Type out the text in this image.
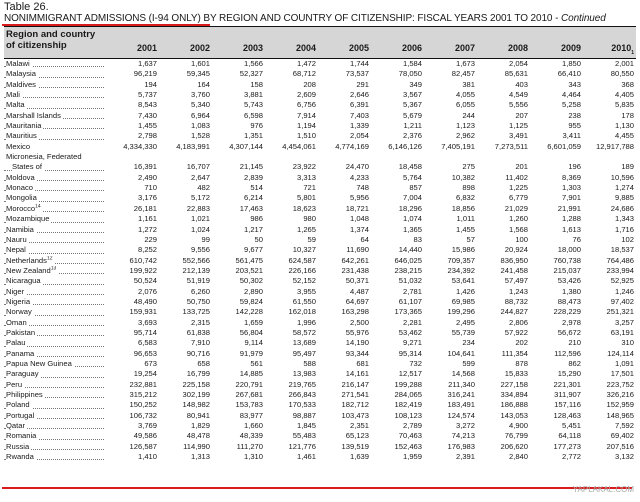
Table 26.
NONIMMIGRANT ADMISSIONS (I-94 ONLY) BY REGION AND COUNTRY OF CITIZENSHIP: FISCAL YEARS 2001 TO 2010 - Continued
Region and country of citizenship	2001	2002	2003	2004	2005	2006	2007	2008	2009	2010 1
Malawi	1,637	1,601	1,566	1,472	1,744	1,584	1,673	2,054	1,850	2,001
Malaysia	96,219	59,345	52,327	68,712	73,537	78,050	82,457	85,631	66,410	80,550
Maldives	194	164	158	208	291	349	381	403	343	368
Mali	5,737	3,760	3,881	2,609	2,646	3,567	4,055	4,549	4,464	4,405
Malta	8,543	5,340	5,743	6,756	6,391	5,367	6,055	5,556	5,258	5,835
Marshall Islands	7,430	6,964	6,598	7,914	7,403	5,679	244	207	238	178
Mauritania	1,455	1,083	976	1,194	1,339	1,211	1,123	1,125	955	1,130
Mauritius	2,798	1,528	1,351	1,510	2,054	2,376	2,962	3,491	3,411	4,455
Mexico	4,334,330	4,183,991	4,307,144	4,454,061	4,774,169	6,146,126	7,405,191	7,273,511	6,601,059	12,917,788
Micronesia, Federated
States of	16,391	16,707	21,145	23,922	24,470	18,458	275	201	196	189
Moldova	2,490	2,647	2,839	3,313	4,233	5,764	10,382	11,402	8,369	10,596
Monaco	710	482	514	721	748	857	898	1,225	1,303	1,274
Mongolia	3,176	5,172	6,214	5,801	5,956	7,004	6,832	6,779	7,901	9,885
Morocco$^{14}$	26,181	22,883	17,463	18,623	18,721	18,296	18,856	21,029	21,991	24,686
Mozambique	1,161	1,021	986	980	1,048	1,074	1,011	1,260	1,288	1,343
Namibia	1,272	1,024	1,217	1,265	1,374	1,365	1,455	1,568	1,613	1,716
Nauru	229	99	50	59	64	83	57	100	76	102
Nepal	8,252	9,556	9,677	10,327	11,690	14,440	15,986	20,924	18,000	18,537
Netherlands$^{12}$	610,742	552,566	561,475	624,587	642,261	646,025	709,357	836,950	760,738	764,486
New Zealand$^{13}$	199,922	212,139	203,521	226,166	231,438	238,215	234,392	241,458	215,037	233,994
Nicaragua	50,524	51,919	50,302	52,152	50,371	51,032	53,641	57,497	53,426	52,925
Niger	2,076	6,260	2,890	3,955	4,487	2,781	1,426	1,243	1,380	1,246
Nigeria	48,490	50,750	59,824	61,550	64,697	61,107	69,985	88,732	88,473	97,402
Norway	159,931	133,725	142,228	162,018	163,298	173,365	199,296	244,827	228,229	251,321
Oman	3,693	2,315	1,659	1,996	2,500	2,281	2,495	2,806	2,978	3,257
Pakistan	95,714	61,838	56,804	58,572	55,976	53,462	55,739	57,922	56,672	63,191
Palau	6,583	7,910	9,114	13,689	14,190	9,271	234	202	210	310
Panama	96,653	90,716	91,979	95,497	93,344	95,314	104,641	111,354	112,596	124,114
Papua New Guinea	673	658	561	588	681	732	599	878	862	1,091
Paraguay	19,254	16,799	14,885	13,983	14,161	12,517	14,568	15,833	15,290	17,501
Peru	232,881	225,158	220,791	219,765	216,147	199,288	211,340	227,158	221,301	223,752
Philippines	315,212	302,199	267,681	266,843	271,541	284,065	316,241	334,894	311,907	326,216
Poland	150,252	148,982	153,783	170,533	182,712	182,419	183,491	186,888	157,116	152,959
Portugal	106,732	80,941	83,977	98,887	103,473	108,123	124,574	143,053	128,463	148,965
Qatar	3,769	1,829	1,660	1,845	2,351	2,789	3,272	4,900	5,451	7,592
Romania	49,586	48,478	48,339	55,483	65,123	70,463	74,213	76,799	64,118	69,402
Russia	126,587	114,990	111,270	121,776	139,519	152,463	176,983	206,620	177,273	207,516
Rwanda	1,410	1,313	1,310	1,461	1,639	1,959	2,391	2,840	2,772	3,132
YAPLAKAL.COM
